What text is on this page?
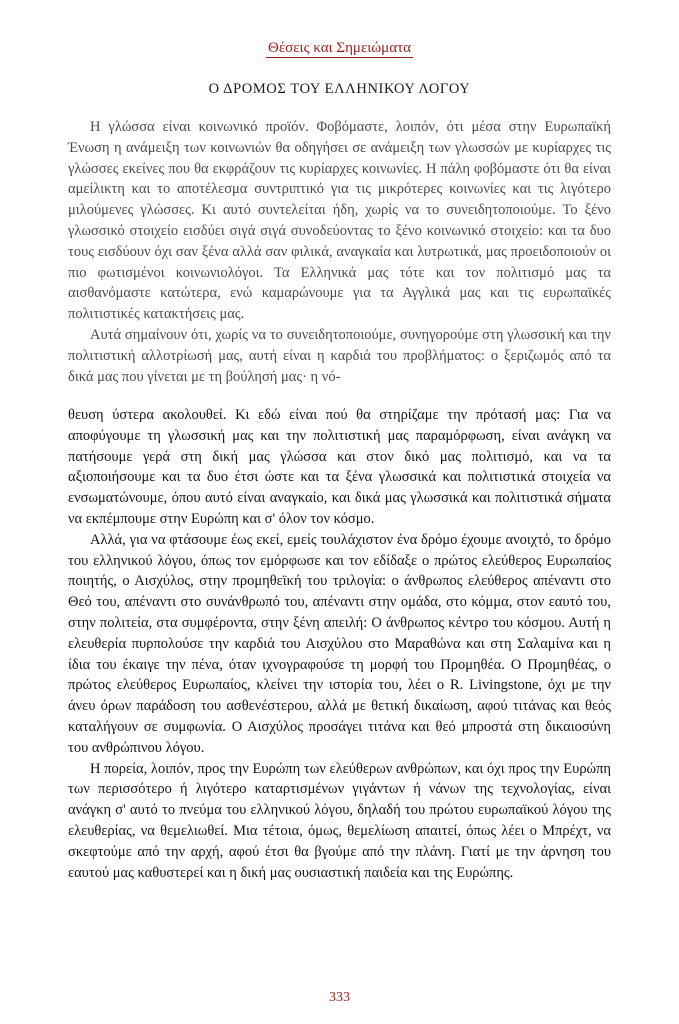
Θέσεις και Σημειώματα
Ο ΔΡΟΜΟΣ ΤΟΥ ΕΛΛΗΝΙΚΟΥ ΛΟΓΟΥ

Η γλώσσα είναι κοινωνικό προϊόν. Φοβόμαστε, λοιπόν, ότι μέσα στην Ευρωπαϊκή Ένωση η ανάμειξη των κοινωνιών θα οδηγήσει σε ανάμειξη των γλωσσών με κυρίαρχες τις γλώσσες εκείνες που θα εκφράζουν τις κυρίαρχες κοινωνίες. Η πάλη φοβόμαστε ότι θα είναι αμείλικτη και το αποτέλεσμα συντριπτικό για τις μικρότερες κοινωνίες και τις λιγότερο μιλούμενες γλώσσες. Κι αυτό συντελείται ήδη, χωρίς να το συνειδητοποιούμε. Το ξένο γλωσσικό στοιχείο εισδύει σιγά σιγά συνοδεύοντας το ξένο κοινωνικό στοιχείο: και τα δυο τους εισδύουν όχι σαν ξένα αλλά σαν φιλικά, αναγκαία και λυτρωτικά, μας προειδοποιούν οι πιο φωτισμένοι κοινωνιολόγοι. Τα Ελληνικά μας τότε και τον πολιτισμό μας τα αισθανόμαστε κατώτερα, ενώ καμαρώνουμε για τα Αγγλικά μας και τις ευρωπαϊκές πολιτιστικές κατακτήσεις μας.

Αυτά σημαίνουν ότι, χωρίς να το συνειδητοποιούμε, συνηγορούμε στη γλωσσική και την πολιτιστική αλλοτρίωσή μας, αυτή είναι η καρδιά του προβλήματος: ο ξεριζωμός από τα δικά μας που γίνεται με τη βούλησή μας· η νό-

θευση ύστερα ακολουθεί. Κι εδώ είναι πού θα στηρίζαμε την πρότασή μας: Για να αποφύγουμε τη γλωσσική μας και την πολιτιστική μας παραμόρφωση, είναι ανάγκη να πατήσουμε γερά στη δική μας γλώσσα και στον δικό μας πολιτισμό, και να τα αξιοποιήσουμε και τα δυο έτσι ώστε και τα ξένα γλωσσικά και πολιτιστικά στοιχεία να ενσωματώνουμε, όπου αυτό είναι αναγκαίο, και δικά μας γλωσσικά και πολιτιστικά σήματα να εκπέμπουμε στην Ευρώπη και σ' όλον τον κόσμο.

Αλλά, για να φτάσουμε έως εκεί, εμείς τουλάχιστον ένα δρόμο έχουμε ανοιχτό, το δρόμο του ελληνικού λόγου, όπως τον εμόρφωσε και τον εδίδαξε ο πρώτος ελεύθερος Ευρωπαίος ποιητής, ο Αισχύλος, στην προμηθεϊκή του τριλογία: ο άνθρωπος ελεύθερος απέναντι στο Θεό του, απέναντι στο συνάνθρωπό του, απέναντι στην ομάδα, στο κόμμα, στον εαυτό του, στην πολιτεία, στα συμφέροντα, στην ξένη απειλή: Ο άνθρωπος κέντρο του κόσμου. Αυτή η ελευθερία πυρπολούσε την καρδιά του Αισχύλου στο Μαραθώνα και στη Σαλαμίνα και η ίδια του έκαιγε την πένα, όταν ιχνογραφούσε τη μορφή του Προμηθέα. Ο Προμηθέας, ο πρώτος ελεύθερος Ευρωπαίος, κλείνει την ιστορία του, λέει ο R. Livingstone, όχι με την άνευ όρων παράδοση του ασθενέστερου, αλλά με θετική δικαίωση, αφού τιτάνας και θεός καταλήγουν σε συμφωνία. Ο Αισχύλος προσάγει τιτάνα και θεό μπροστά στη δικαιοσύνη του ανθρώπινου λόγου.

Η πορεία, λοιπόν, προς την Ευρώπη των ελεύθερων ανθρώπων, και όχι προς την Ευρώπη των περισσότερο ή λιγότερο καταρτισμένων γιγάντων ή νάνων της τεχνολογίας, είναι ανάγκη σ' αυτό το πνεύμα του ελληνικού λόγου, δηλαδή του πρώτου ευρωπαϊκού λόγου της ελευθερίας, να θεμελιωθεί. Μια τέτοια, όμως, θεμελίωση απαιτεί, όπως λέει ο Μπρέχτ, να σκεφτούμε από την αρχή, αφού έτσι θα βγούμε από την πλάνη. Γιατί με την άρνηση του εαυτού μας καθυστερεί και η δική μας ουσιαστική παιδεία και της Ευρώπης.

333
